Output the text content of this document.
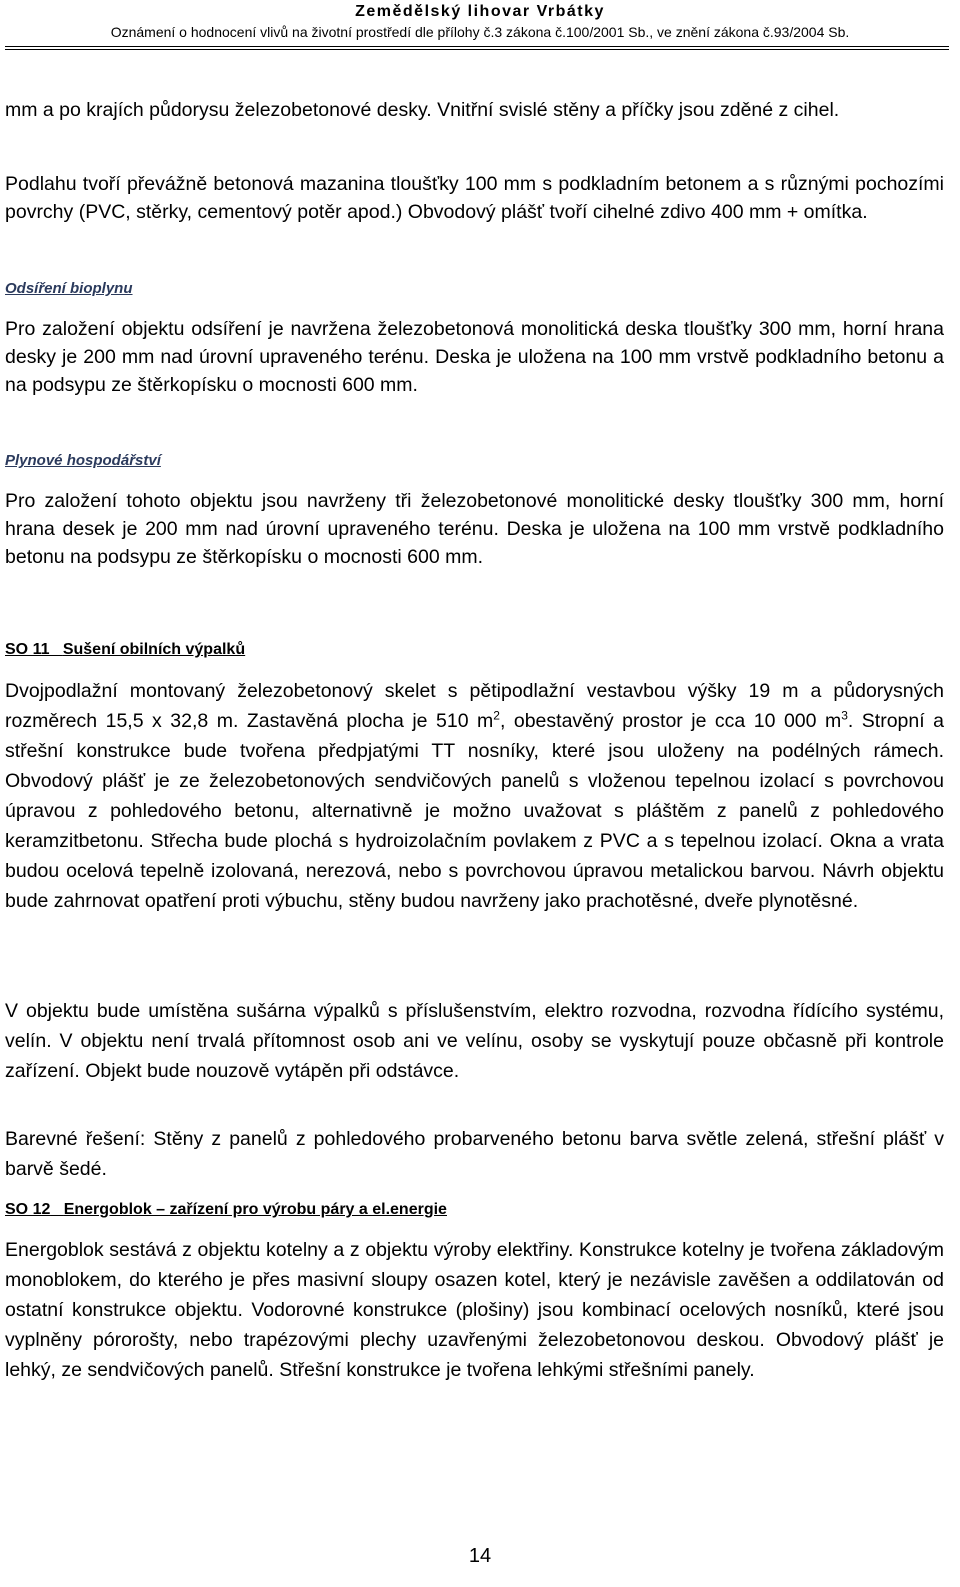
Zemědělský lihovar Vrbátky
Oznámení o hodnocení vlivů na životní prostředí dle přílohy č.3 zákona č.100/2001 Sb., ve znění zákona č.93/2004 Sb.

mm a po krajích půdorysu železobetonové desky. Vnitřní svislé stěny a příčky jsou zděné z cihel.

Podlahu tvoří převážně betonová mazanina tloušťky 100 mm s podkladním betonem a s různými pochozími povrchy (PVC, stěrky, cementový potěr apod.) Obvodový plášť tvoří cihelné zdivo 400 mm + omítka.

Odsíření bioplynu

Pro založení objektu odsíření je navržena železobetonová monolitická deska tloušťky 300 mm, horní hrana desky je 200 mm nad úrovní upraveného terénu. Deska je uložena na 100 mm vrstvě podkladního betonu a na podsypu ze štěrkopísku o mocnosti 600 mm.

Plynové hospodářství

Pro založení tohoto objektu jsou navrženy tři železobetonové monolitické desky tloušťky 300 mm, horní hrana desek je 200 mm nad úrovní upraveného terénu. Deska je uložena na 100 mm vrstvě podkladního betonu na podsypu ze štěrkopísku o mocnosti 600 mm.

SO 11 Sušení obilních výpalků

Dvojpodlažní montovaný železobetonový skelet s pětipodlažní vestavbou výšky 19 m a půdorysných rozměrech 15,5 x 32,8 m. Zastavěná plocha je 510 $m^2$, obestavěný prostor je cca 10 000 $m^3$. Stropní a střešní konstrukce bude tvořena předpjatými TT nosníky, které jsou uloženy na podélných rámech. Obvodový plášť je ze železobetonových sendvičových panelů s vloženou tepelnou izolací s povrchovou úpravou z pohledového betonu, alternativně je možno uvažovat s pláštěm z panelů z pohledového keramzitbetonu. Střecha bude plochá s hydroizolačním povlakem z PVC a s tepelnou izolací. Okna a vrata budou ocelová tepelně izolovaná, nerezová, nebo s povrchovou úpravou metalickou barvou. Návrh objektu bude zahrnovat opatření proti výbuchu, stěny budou navrženy jako prachotěsné, dveře plynotěsné.

V objektu bude umístěna sušárna výpalků s příslušenstvím, elektro rozvodna, rozvodna řídícího systému, velín. V objektu není trvalá přítomnost osob ani ve velínu, osoby se vyskytují pouze občasně při kontrole zařízení. Objekt bude nouzově vytápěn při odstávce.

Barevné řešení: Stěny z panelů z pohledového probarveného betonu barva světle zelená, střešní plášť v barvě šedé.

SO 12 Energoblok – zařízení pro výrobu páry a el.energie

Energoblok sestává z objektu kotelny a z objektu výroby elektřiny. Konstrukce kotelny je tvořena základovým monoblokem, do kterého je přes masivní sloupy osazen kotel, který je nezávisle zavěšen a oddilatován od ostatní konstrukce objektu. Vodorovné konstrukce (plošiny) jsou kombinací ocelových nosníků, které jsou vyplněny pórorošty, nebo trapézovými plechy uzavřenými železobetonovou deskou. Obvodový plášť je lehký, ze sendvičových panelů. Střešní konstrukce je tvořena lehkými střešními panely.

14
